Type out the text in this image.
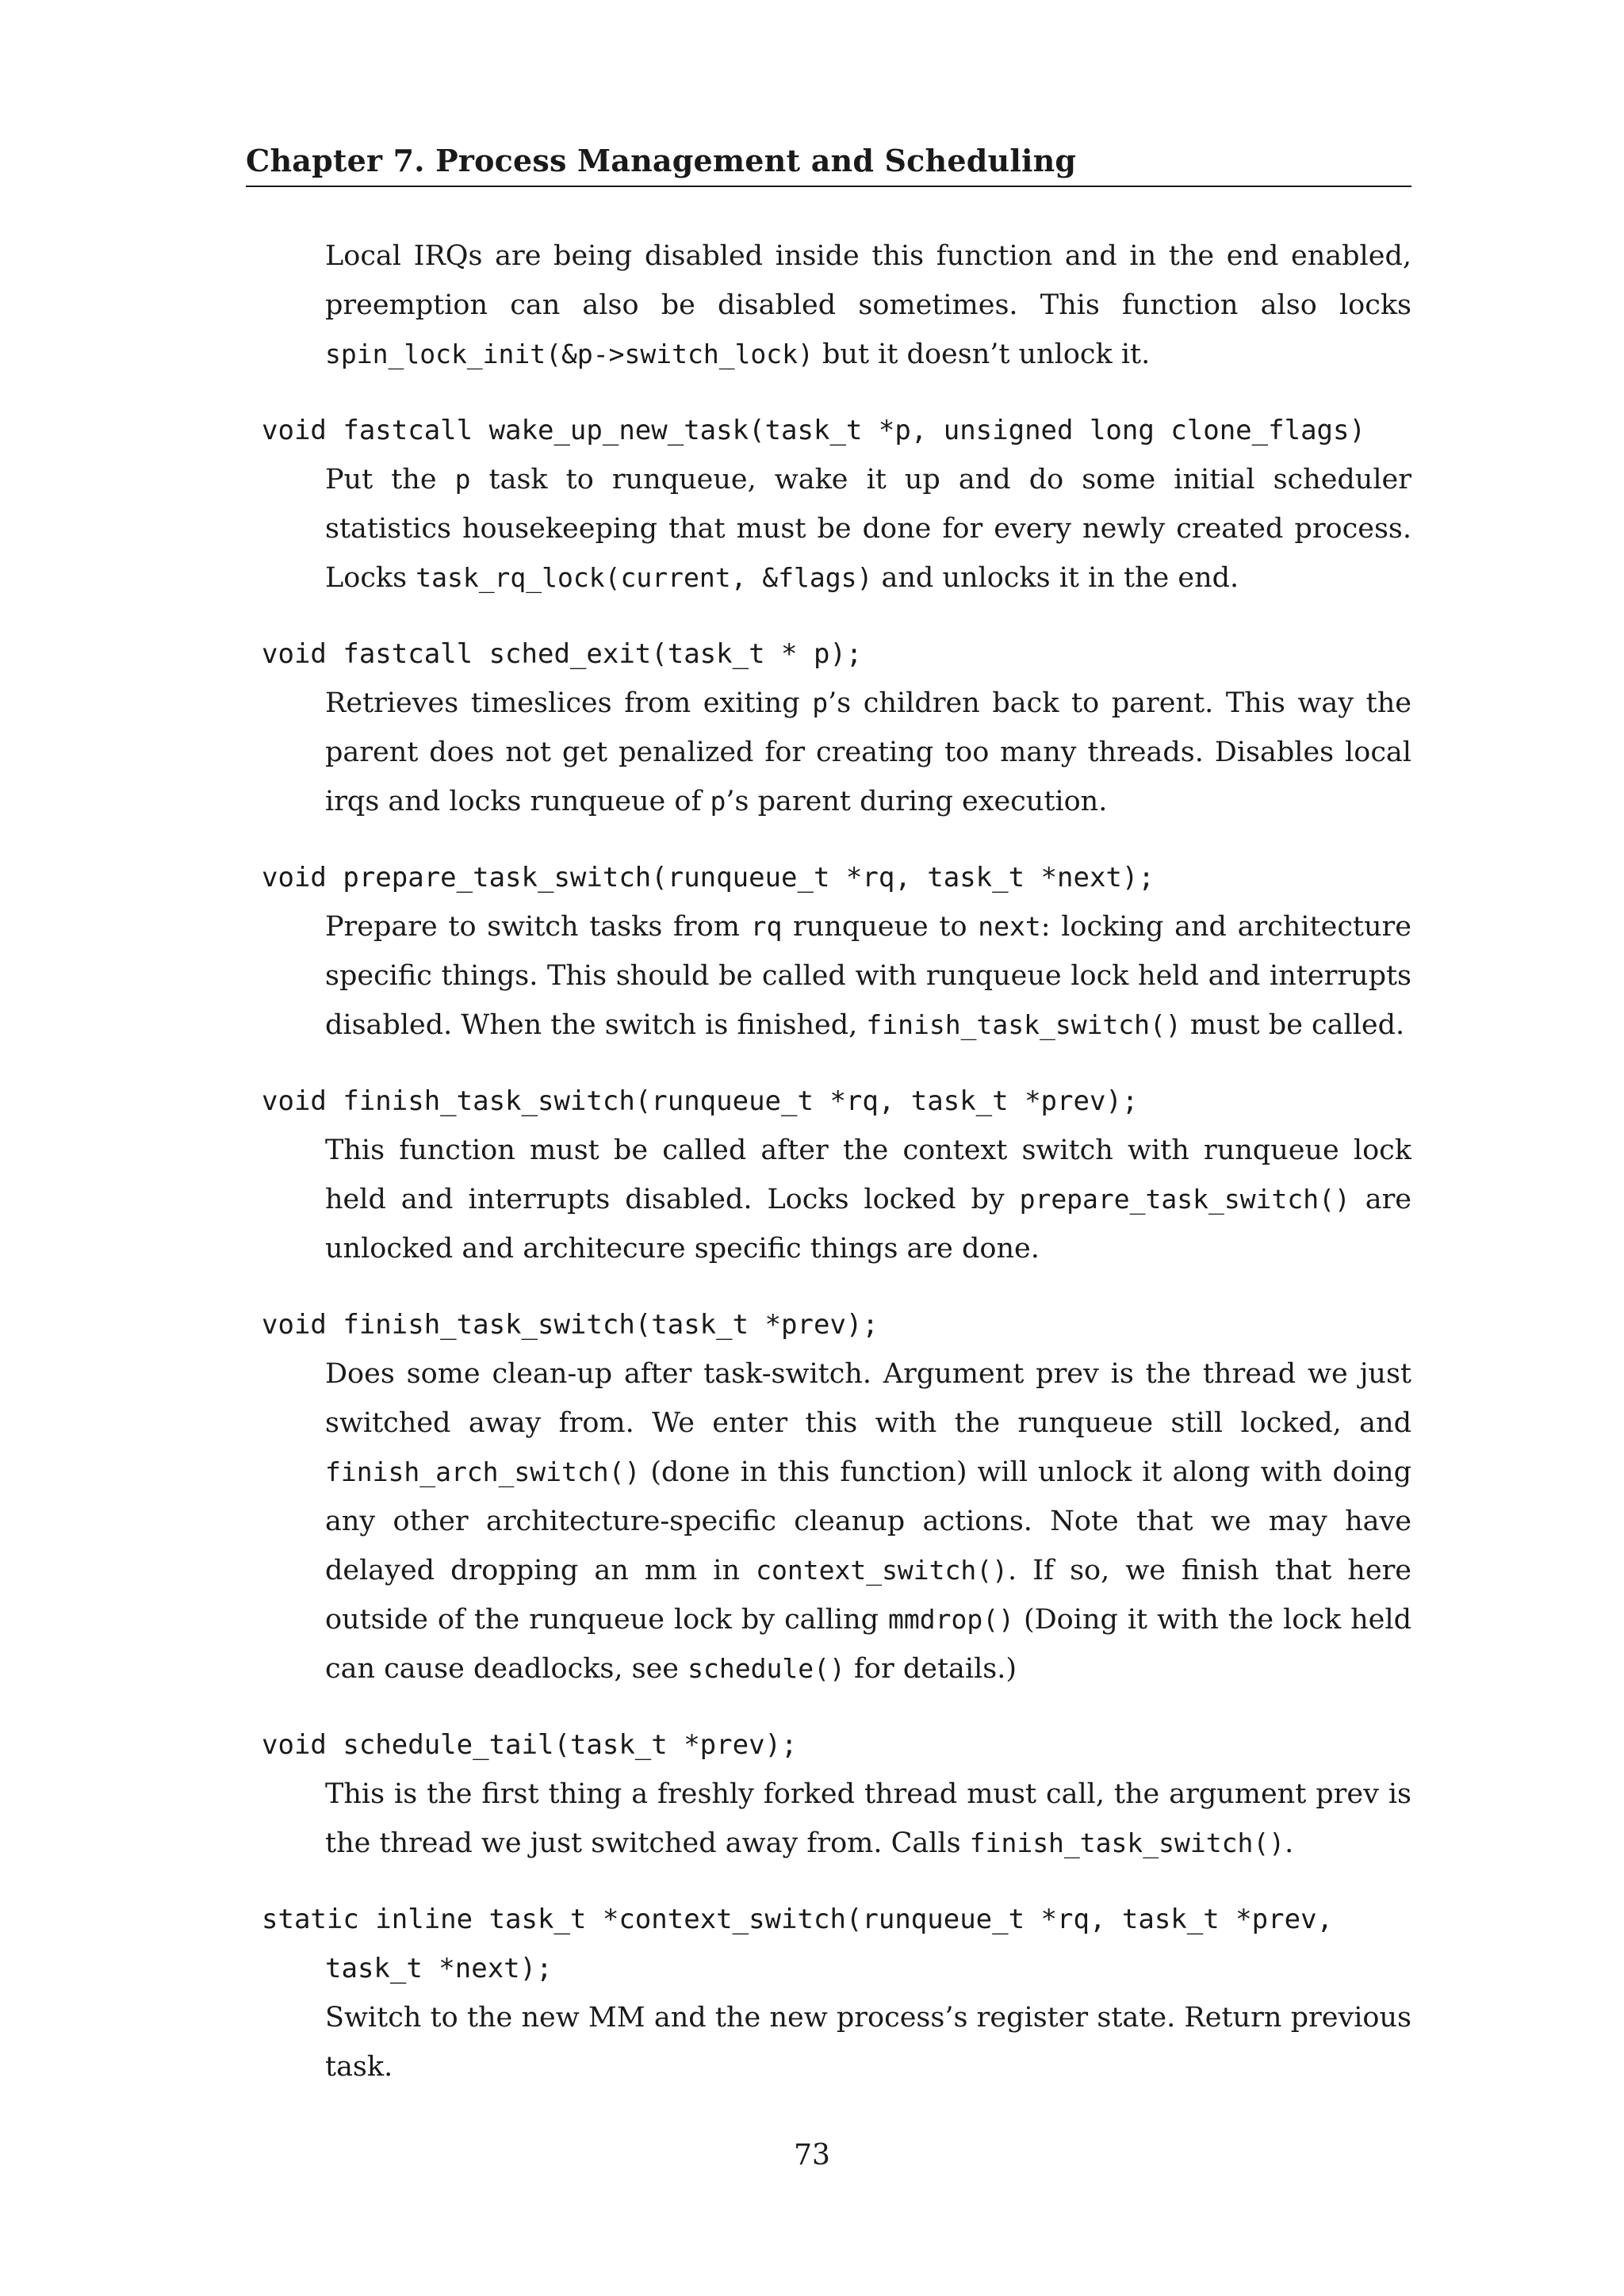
Chapter 7. Process Management and Scheduling
Local IRQs are being disabled inside this function and in the end enabled, preemption can also be disabled sometimes. This function also locks spin_lock_init(&p->switch_lock) but it doesn’t unlock it.
void fastcall wake_up_new_task(task_t *p, unsigned long clone_flags)
Put the p task to runqueue, wake it up and do some initial scheduler statistics housekeeping that must be done for every newly created process. Locks task_rq_lock(current, &flags) and unlocks it in the end.
void fastcall sched_exit(task_t * p);
Retrieves timeslices from exiting p’s children back to parent. This way the parent does not get penalized for creating too many threads. Disables local irqs and locks runqueue of p’s parent during execution.
void prepare_task_switch(runqueue_t *rq, task_t *next);
Prepare to switch tasks from rq runqueue to next: locking and architecture specific things. This should be called with runqueue lock held and interrupts disabled. When the switch is finished, finish_task_switch() must be called.
void finish_task_switch(runqueue_t *rq, task_t *prev);
This function must be called after the context switch with runqueue lock held and interrupts disabled. Locks locked by prepare_task_switch() are unlocked and architecure specific things are done.
void finish_task_switch(task_t *prev);
Does some clean-up after task-switch. Argument prev is the thread we just switched away from. We enter this with the runqueue still locked, and finish_arch_switch() (done in this function) will unlock it along with doing any other architecture-specific cleanup actions. Note that we may have delayed dropping an mm in context_switch(). If so, we finish that here outside of the runqueue lock by calling mmdrop() (Doing it with the lock held can cause deadlocks, see schedule() for details.)
void schedule_tail(task_t *prev);
This is the first thing a freshly forked thread must call, the argument prev is the thread we just switched away from. Calls finish_task_switch().
static inline task_t *context_switch(runqueue_t *rq, task_t *prev,
task_t *next);
Switch to the new MM and the new process’s register state. Return previous task.
73
